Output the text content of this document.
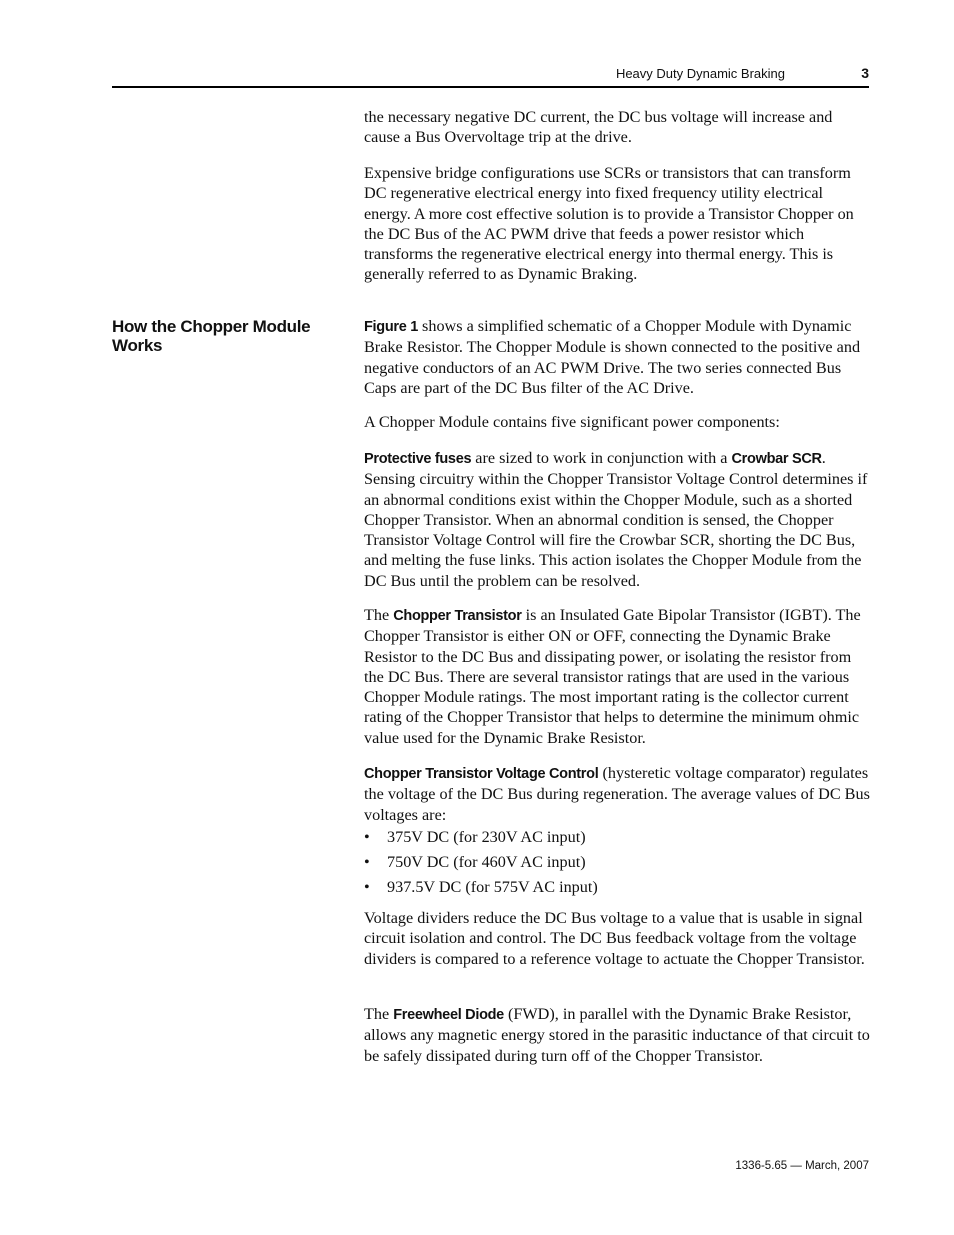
Heavy Duty Dynamic Braking	3
How the Chopper Module Works

the necessary negative DC current, the DC bus voltage will increase and cause a Bus Overvoltage trip at the drive.

Expensive bridge configurations use SCRs or transistors that can transform DC regenerative electrical energy into fixed frequency utility electrical energy. A more cost effective solution is to provide a Transistor Chopper on the DC Bus of the AC PWM drive that feeds a power resistor which transforms the regenerative electrical energy into thermal energy. This is generally referred to as Dynamic Braking.

Figure 1 shows a simplified schematic of a Chopper Module with Dynamic Brake Resistor. The Chopper Module is shown connected to the positive and negative conductors of an AC PWM Drive. The two series connected Bus Caps are part of the DC Bus filter of the AC Drive.

A Chopper Module contains five significant power components:

Protective fuses are sized to work in conjunction with a Crowbar SCR. Sensing circuitry within the Chopper Transistor Voltage Control determines if an abnormal conditions exist within the Chopper Module, such as a shorted Chopper Transistor. When an abnormal condition is sensed, the Chopper Transistor Voltage Control will fire the Crowbar SCR, shorting the DC Bus, and melting the fuse links. This action isolates the Chopper Module from the DC Bus until the problem can be resolved.

The Chopper Transistor is an Insulated Gate Bipolar Transistor (IGBT). The Chopper Transistor is either ON or OFF, connecting the Dynamic Brake Resistor to the DC Bus and dissipating power, or isolating the resistor from the DC Bus. There are several transistor ratings that are used in the various Chopper Module ratings. The most important rating is the collector current rating of the Chopper Transistor that helps to determine the minimum ohmic value used for the Dynamic Brake Resistor.

Chopper Transistor Voltage Control (hysteretic voltage comparator) regulates the voltage of the DC Bus during regeneration. The average values of DC Bus voltages are:

• 375V DC (for 230V AC input)
• 750V DC (for 460V AC input)
• 937.5V DC (for 575V AC input)

Voltage dividers reduce the DC Bus voltage to a value that is usable in signal circuit isolation and control. The DC Bus feedback voltage from the voltage dividers is compared to a reference voltage to actuate the Chopper Transistor.

The Freewheel Diode (FWD), in parallel with the Dynamic Brake Resistor, allows any magnetic energy stored in the parasitic inductance of that circuit to be safely dissipated during turn off of the Chopper Transistor.

1336-5.65 — March, 2007
